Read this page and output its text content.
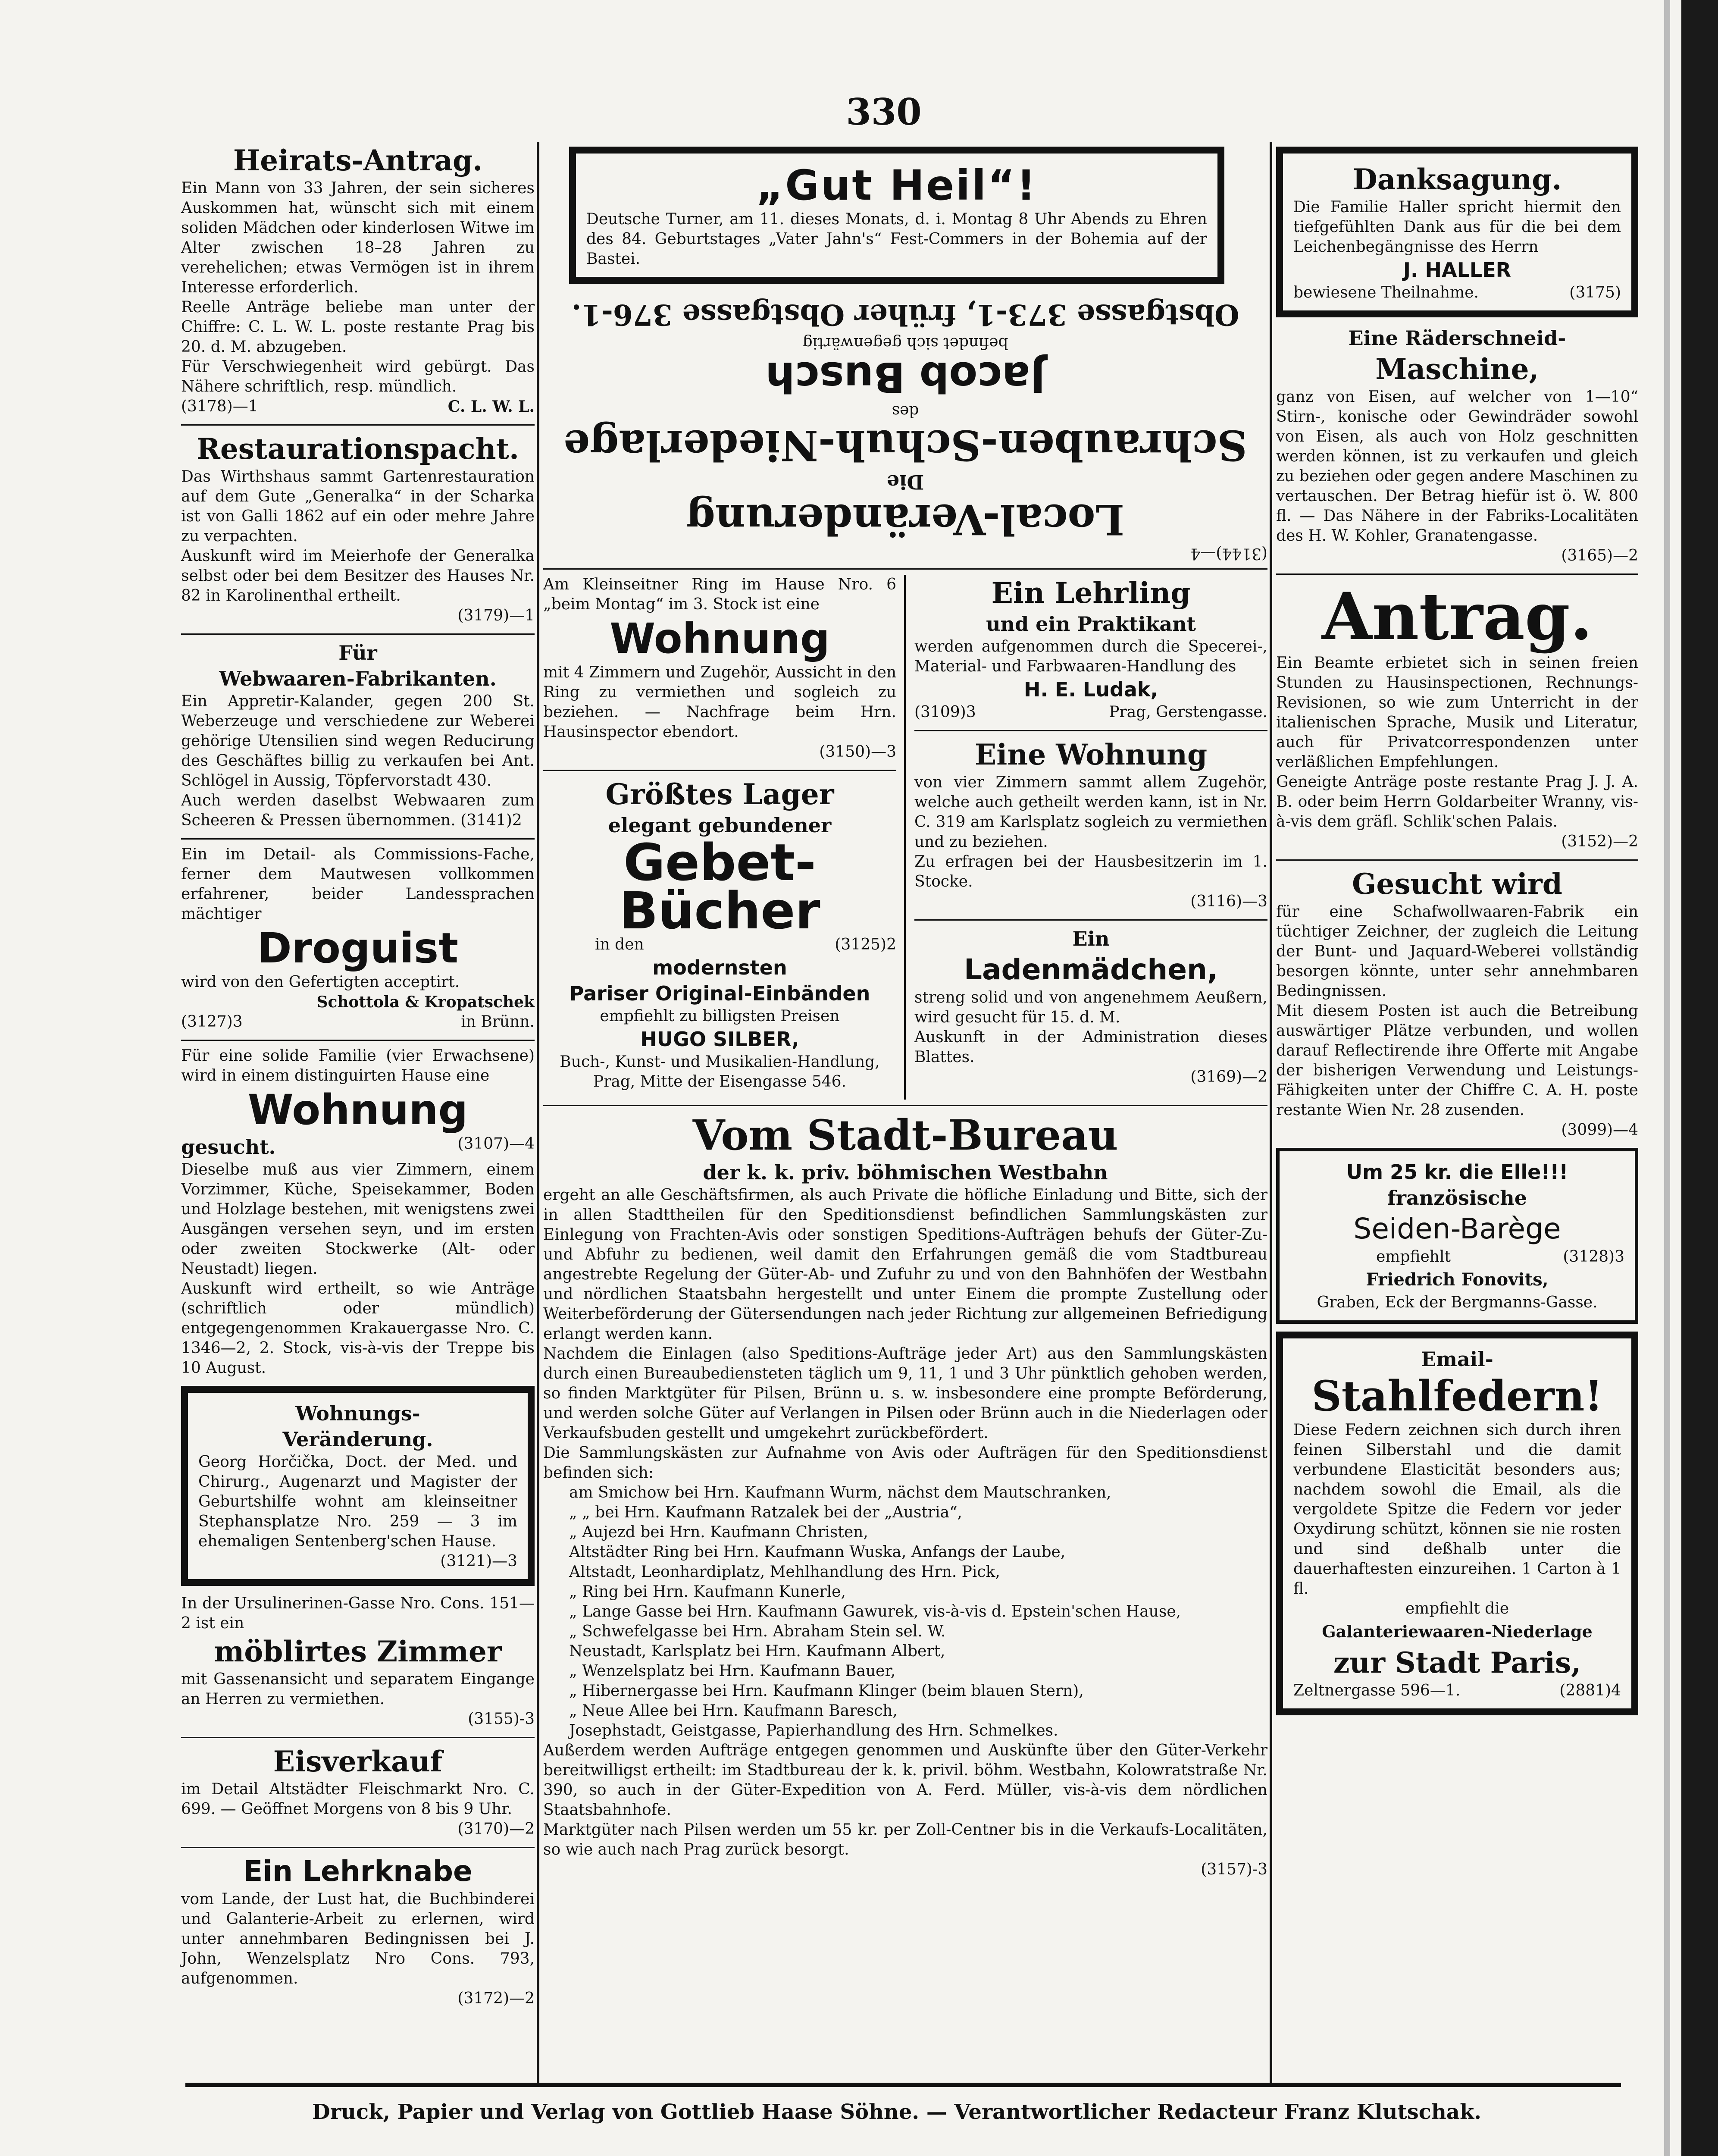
330
Heirats-Antrag.
Ein Mann von 33 Jahren, der sein sicheres Auskommen hat, wünscht sich mit einem soliden Mädchen oder kinderlosen Witwe im Alter zwischen 18–28 Jahren zu verehelichen; etwas Vermögen ist in ihrem Interesse erforderlich.
Reelle Anträge beliebe man unter der Chiffre: C. L. W. L. poste restante Prag bis 20. d. M. abzugeben.
Für Verschwiegenheit wird gebürgt. Das Nähere schriftlich, resp. mündlich.
(3178)—1	C. L. W. L.
Restaurationspacht.
Das Wirthshaus sammt Gartenrestauration auf dem Gute „Generalka“ in der Scharka ist von Galli 1862 auf ein oder mehre Jahre zu verpachten.
Auskunft wird im Meierhofe der Generalka selbst oder bei dem Besitzer des Hauses Nr. 82 in Karolinenthal ertheilt.
(3179)—1
Für
Webwaaren-Fabrikanten.
Ein Appretir-Kalander, gegen 200 St. Weberzeuge und verschiedene zur Weberei gehörige Utensilien sind wegen Reducirung des Geschäftes billig zu verkaufen bei Ant. Schlögel in Aussig, Töpfervorstadt 430.
Auch werden daselbst Webwaaren zum Scheeren & Pressen übernommen. (3141)2
Ein im Detail- als Commissions-Fache, ferner dem Mautwesen vollkommen erfahrener, beider Landessprachen mächtiger
Droguist
wird von den Gefertigten acceptirt.
Schottola & Kropatschek
(3127)3	in Brünn.
Für eine solide Familie (vier Erwachsene) wird in einem distinguirten Hause eine
Wohnung
gesucht.	(3107)—4
Dieselbe muß aus vier Zimmern, einem Vorzimmer, Küche, Speisekammer, Boden und Holzlage bestehen, mit wenigstens zwei Ausgängen versehen seyn, und im ersten oder zweiten Stockwerke (Alt- oder Neustadt) liegen.
Auskunft wird ertheilt, so wie Anträge (schriftlich oder mündlich) entgegengenommen Krakauergasse Nro. C. 1346—2, 2. Stock, vis-à-vis der Treppe bis 10 August.
Wohnungs-
Veränderung.
Georg Horčička, Doct. der Med. und Chirurg., Augenarzt und Magister der Geburtshilfe wohnt am kleinseitner Stephansplatze Nro. 259 — 3 im ehemaligen Sentenberg'schen Hause.
(3121)—3
In der Ursulinerinen-Gasse Nro. Cons. 151—2 ist ein
möblirtes Zimmer
mit Gassenansicht und separatem Eingange an Herren zu vermiethen.
(3155)-3
Eisverkauf
im Detail Altstädter Fleischmarkt Nro. C. 699. — Geöffnet Morgens von 8 bis 9 Uhr.
(3170)—2
Ein Lehrknabe
vom Lande, der Lust hat, die Buchbinderei und Galanterie-Arbeit zu erlernen, wird unter annehmbaren Bedingnissen bei J. John, Wenzelsplatz Nro Cons. 793, aufgenommen.
(3172)—2
„Gut Heil“!
Deutsche Turner, am 11. dieses Monats, d. i. Montag 8 Uhr Abends zu Ehren des 84. Geburtstages „Vater Jahn's“ Fest-Commers in der Bohemia auf der Bastei.
(3144)—4
Local-Veränderung
Die
Schrauben-Schuh-Niederlage
des
Jacob Busch
befindet sich gegenwärtig
Obstgasse 373-1, früher Obstgasse 376-1.
Am Kleinseitner Ring im Hause Nro. 6 „beim Montag“ im 3. Stock ist eine
Wohnung
mit 4 Zimmern und Zugehör, Aussicht in den Ring zu vermiethen und sogleich zu beziehen. — Nachfrage beim Hrn. Hausinspector ebendort.
(3150)—3
Größtes Lager
elegant gebundener
Gebet-Bücher
in den	(3125)2
modernsten
Pariser Original-Einbänden
empfiehlt zu billigsten Preisen
HUGO SILBER,
Buch-, Kunst- und Musikalien-Handlung,
Prag, Mitte der Eisengasse 546.
Ein Lehrling
und ein Praktikant
werden aufgenommen durch die Specerei-, Material- und Farbwaaren-Handlung des
H. E. Ludak,
(3109)3	Prag, Gerstengasse.
Eine Wohnung
von vier Zimmern sammt allem Zugehör, welche auch getheilt werden kann, ist in Nr. C. 319 am Karlsplatz sogleich zu vermiethen und zu beziehen.
Zu erfragen bei der Hausbesitzerin im 1. Stocke.
(3116)—3
Ein
Ladenmädchen,
streng solid und von angenehmem Aeußern, wird gesucht für 15. d. M.
Auskunft in der Administration dieses Blattes.
(3169)—2
Vom Stadt-Bureau
der k. k. priv. böhmischen Westbahn
ergeht an alle Geschäftsfirmen, als auch Private die höfliche Einladung und Bitte, sich der in allen Stadttheilen für den Speditionsdienst befindlichen Sammlungskästen zur Einlegung von Frachten-Avis oder sonstigen Speditions-Aufträgen behufs der Güter-Zu- und Abfuhr zu bedienen, weil damit den Erfahrungen gemäß die vom Stadtbureau angestrebte Regelung der Güter-Ab- und Zufuhr zu und von den Bahnhöfen der Westbahn und nördlichen Staatsbahn hergestellt und unter Einem die prompte Zustellung oder Weiterbeförderung der Gütersendungen nach jeder Richtung zur allgemeinen Befriedigung erlangt werden kann.
Nachdem die Einlagen (also Speditions-Aufträge jeder Art) aus den Sammlungskästen durch einen Bureaubediensteten täglich um 9, 11, 1 und 3 Uhr pünktlich gehoben werden, so finden Marktgüter für Pilsen, Brünn u. s. w. insbesondere eine prompte Beförderung, und werden solche Güter auf Verlangen in Pilsen oder Brünn auch in die Niederlagen oder Verkaufsbuden gestellt und umgekehrt zurückbefördert.
Die Sammlungskästen zur Aufnahme von Avis oder Aufträgen für den Speditionsdienst befinden sich:
am Smichow bei Hrn. Kaufmann Wurm, nächst dem Mautschranken,
„ „ bei Hrn. Kaufmann Ratzalek bei der „Austria“,
„ Aujezd bei Hrn. Kaufmann Christen,
Altstädter Ring bei Hrn. Kaufmann Wuska, Anfangs der Laube,
Altstadt, Leonhardiplatz, Mehlhandlung des Hrn. Pick,
„ Ring bei Hrn. Kaufmann Kunerle,
„ Lange Gasse bei Hrn. Kaufmann Gawurek, vis-à-vis d. Epstein'schen Hause,
„ Schwefelgasse bei Hrn. Abraham Stein sel. W.
Neustadt, Karlsplatz bei Hrn. Kaufmann Albert,
„ Wenzelsplatz bei Hrn. Kaufmann Bauer,
„ Hibernergasse bei Hrn. Kaufmann Klinger (beim blauen Stern),
„ Neue Allee bei Hrn. Kaufmann Baresch,
Josephstadt, Geistgasse, Papierhandlung des Hrn. Schmelkes.
Außerdem werden Aufträge entgegen genommen und Auskünfte über den Güter-Verkehr bereitwilligst ertheilt: im Stadtbureau der k. k. privil. böhm. Westbahn, Kolowratstraße Nr. 390, so auch in der Güter-Expedition von A. Ferd. Müller, vis-à-vis dem nördlichen Staatsbahnhofe.
Marktgüter nach Pilsen werden um 55 kr. per Zoll-Centner bis in die Verkaufs-Localitäten, so wie auch nach Prag zurück besorgt.
(3157)-3
Danksagung.
Die Familie Haller spricht hiermit den tiefgefühlten Dank aus für die bei dem Leichenbegängnisse des Herrn
J. HALLER
bewiesene Theilnahme.	(3175)
Eine Räderschneid-
Maschine,
ganz von Eisen, auf welcher von 1—10“ Stirn-, konische oder Gewindräder sowohl von Eisen, als auch von Holz geschnitten werden können, ist zu verkaufen und gleich zu beziehen oder gegen andere Maschinen zu vertauschen. Der Betrag hiefür ist ö. W. 800 fl. — Das Nähere in der Fabriks-Localitäten des H. W. Kohler, Granatengasse.
(3165)—2
Antrag.
Ein Beamte erbietet sich in seinen freien Stunden zu Hausinspectionen, Rechnungs-Revisionen, so wie zum Unterricht in der italienischen Sprache, Musik und Literatur, auch für Privatcorrespondenzen unter verläßlichen Empfehlungen.
Geneigte Anträge poste restante Prag J. J. A. B. oder beim Herrn Goldarbeiter Wranny, vis-à-vis dem gräfl. Schlik'schen Palais.
(3152)—2
Gesucht wird
für eine Schafwollwaaren-Fabrik ein tüchtiger Zeichner, der zugleich die Leitung der Bunt- und Jaquard-Weberei vollständig besorgen könnte, unter sehr annehmbaren Bedingnissen.
Mit diesem Posten ist auch die Betreibung auswärtiger Plätze verbunden, und wollen darauf Reflectirende ihre Offerte mit Angabe der bisherigen Verwendung und Leistungs-Fähigkeiten unter der Chiffre C. A. H. poste restante Wien Nr. 28 zusenden.
(3099)—4
Um 25 kr. die Elle!!!
französische
Seiden-Barège
empfiehlt	(3128)3
Friedrich Fonovits,
Graben, Eck der Bergmanns-Gasse.
Email-
Stahlfedern!
Diese Federn zeichnen sich durch ihren feinen Silberstahl und die damit verbundene Elasticität besonders aus; nachdem sowohl die Email, als die vergoldete Spitze die Federn vor jeder Oxydirung schützt, können sie nie rosten und sind deßhalb unter die dauerhaftesten einzureihen. 1 Carton à 1 fl.
empfiehlt die
Galanteriewaaren-Niederlage
zur Stadt Paris,
Zeltnergasse 596—1.	(2881)4
Druck, Papier und Verlag von Gottlieb Haase Söhne. — Verantwortlicher Redacteur Franz Klutschak.
